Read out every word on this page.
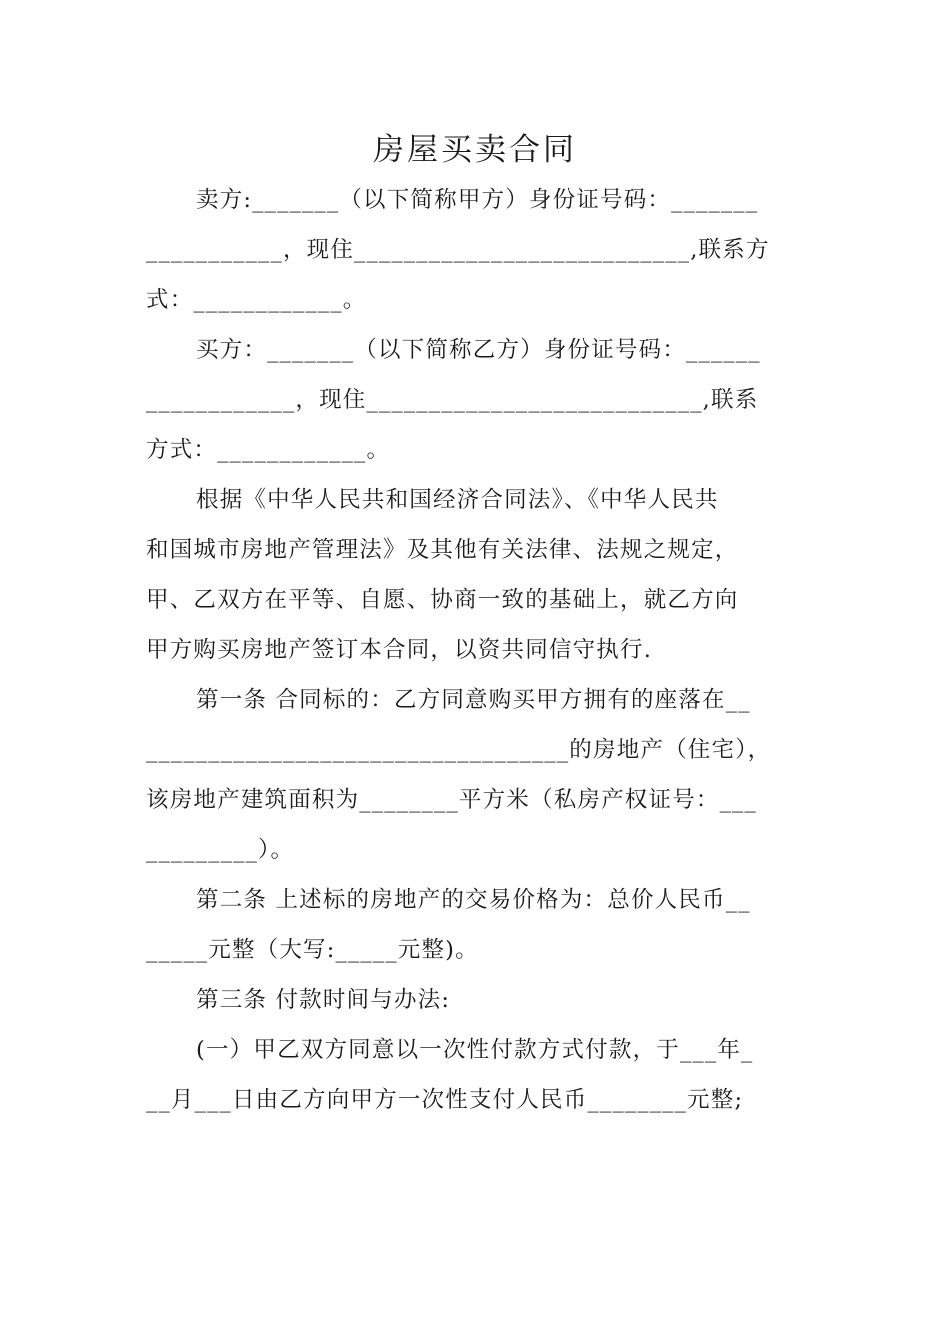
房屋买卖合同
卖方:_______（以下简称甲方）身份证号码：_______
___________，现住___________________________,联系方
式：____________。
买方：_______（以下简称乙方）身份证号码：______
____________，现住___________________________,联系
方式：____________。
根据《中华人民共和国经济合同法》、《中华人民共
和国城市房地产管理法》及其他有关法律、法规之规定，
甲、乙双方在平等、自愿、协商一致的基础上，就乙方向
甲方购买房地产签订本合同，以资共同信守执行.
第一条 合同标的：乙方同意购买甲方拥有的座落在__
__________________________________的房地产（住宅），
该房地产建筑面积为________平方米（私房产权证号：___
_________）。
第二条 上述标的房地产的交易价格为：总价人民币__
_____元整（大写:_____元整)。
第三条 付款时间与办法:
(一）甲乙双方同意以一次性付款方式付款，于___年_
__月___日由乙方向甲方一次性支付人民币________元整;
